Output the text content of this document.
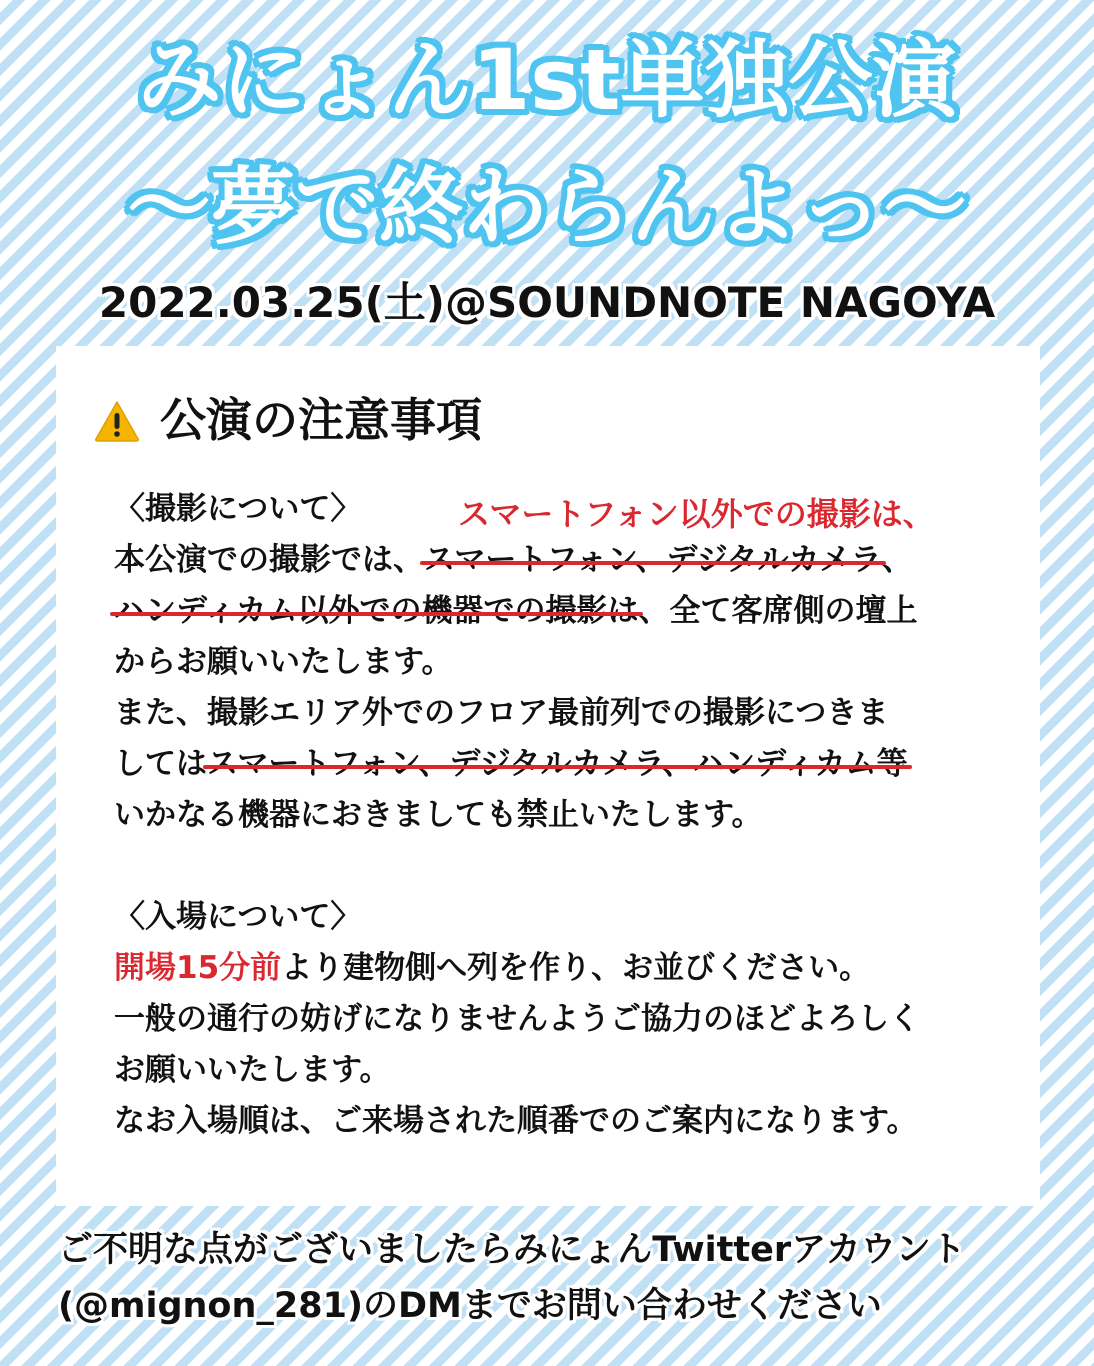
みにょん1st単独公演
〜夢で終わらんよっ〜
2022.03.25(土)@SOUNDNOTE NAGOYA
公演の注意事項
スマートフォン以外での撮影は、
〈撮影について〉
本公演での撮影では、スマートフォン、デジタルカメラ、
ハンディカム以外での機器での撮影は、全て客席側の壇上
からお願いいたします。
また、撮影エリア外でのフロア最前列での撮影につきま
してはスマートフォン、デジタルカメラ、ハンディカム等
いかなる機器におきましても禁止いたします。
〈入場について〉
開場15分前より建物側へ列を作り、お並びください。
一般の通行の妨げになりませんようご協力のほどよろしく
お願いいたします。
なお入場順は、ご来場された順番でのご案内になります。
ご不明な点がございましたらみにょんTwitterアカウント
(@mignon_281)のDMまでお問い合わせください
